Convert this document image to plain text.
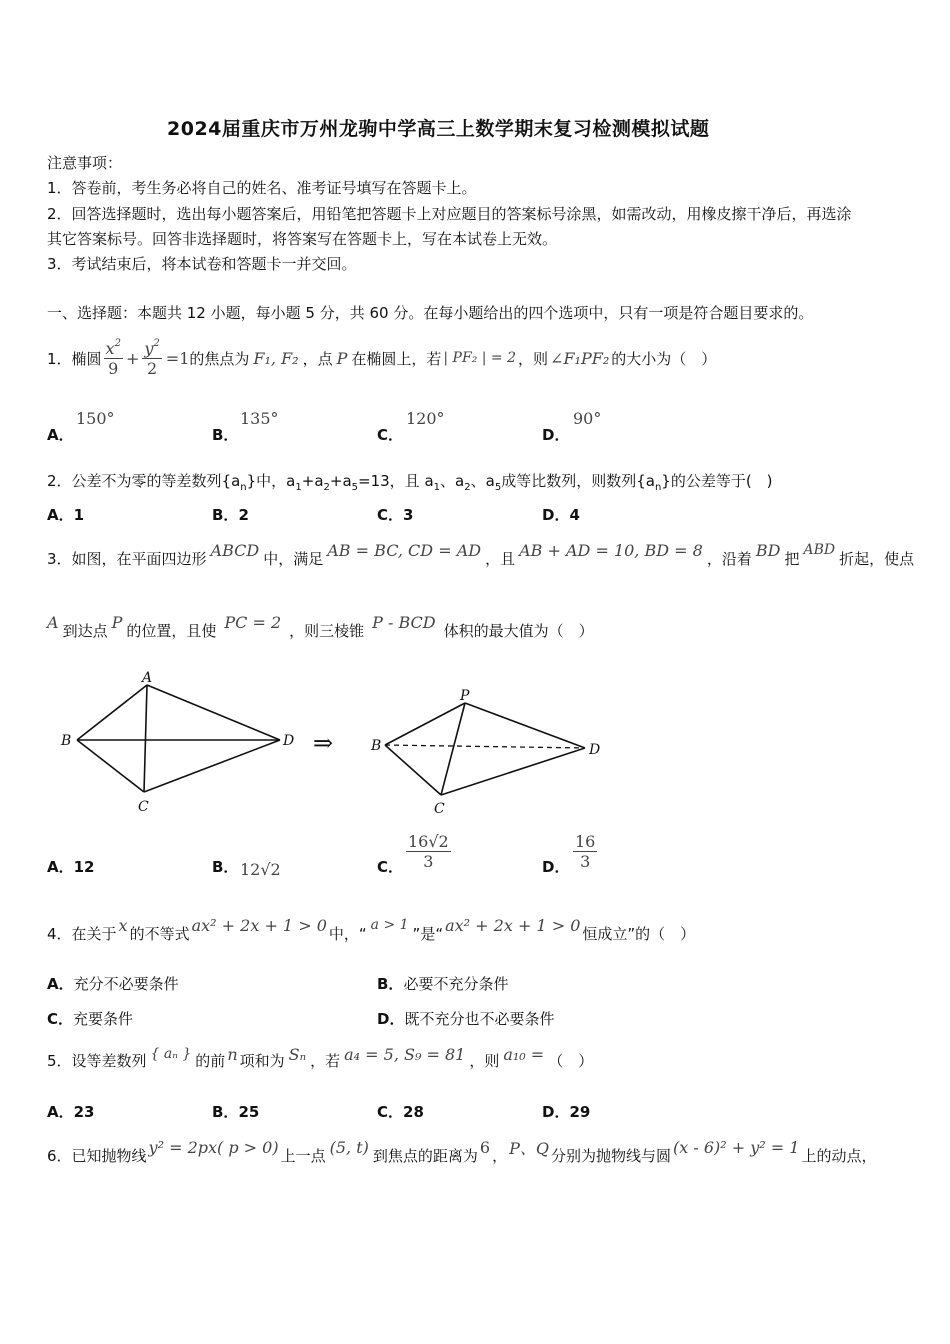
2024届重庆市万州龙驹中学高三上数学期末复习检测模拟试题
注意事项：
1．答卷前，考生务必将自己的姓名、准考证号填写在答题卡上。
2．回答选择题时，选出每小题答案后，用铅笔把答题卡上对应题目的答案标号涂黑，如需改动，用橡皮擦干净后，再选涂
其它答案标号。回答非选择题时，将答案写在答题卡上，写在本试卷上无效。
3．考试结束后，将本试卷和答题卡一并交回。
一、选择题：本题共 12 小题，每小题 5 分，共 60 分。在每小题给出的四个选项中，只有一项是符合题目要求的。
1．椭圆 $\frac{x^2}{9} + \frac{y^2}{2} =1$ 的焦点为 F₁, F₂ ，点 P 在椭圆上，若 | PF₂ | = 2 ，则 ∠F₁PF₂ 的大小为（　）
A．
150°
B．
135°
C．
120°
D．
90°
2．公差不为零的等差数列$\{a_n\}$中，$a_1+a_2+a_5=13$，且 $a_1$、$a_2$、$a_5$成等比数列，则数列$\{a_n\}$的公差等于(　)
A．1	B．2	C．3	D．4
3．如图，在平面四边形 ABCD 中，满足 AB = BC, CD = AD ，且 AB + AD = 10, BD = 8 ，沿着 BD 把 ABD 折起，使点
A 到达点 P 的位置，且使 PC = 2 ，则三棱锥 P - BCD 体积的最大值为（　）
A
B
C
D ⇒
P
B
C
D
A．12	B． 12√2	C． $\frac{16√2}{3}$	D． $\frac{16}{3}$
4．在关于 x 的不等式 ax² + 2x + 1 > 0 中，“ a > 1 ”是“ ax² + 2x + 1 > 0 恒成立”的（　）
A．充分不必要条件	B．必要不充分条件
C．充要条件	D．既不充分也不必要条件
5．设等差数列 { aₙ } 的前 n 项和为 Sₙ ，若 a₄ = 5, S₉ = 81 ，则 a₁₀ = （　）
A．23	B．25	C．28	D．29
6．已知抛物线 y² = 2px( p > 0) 上一点 (5, t) 到焦点的距离为 6 ， P、Q 分别为抛物线与圆 (x - 6)² + y² = 1 上的动点，
